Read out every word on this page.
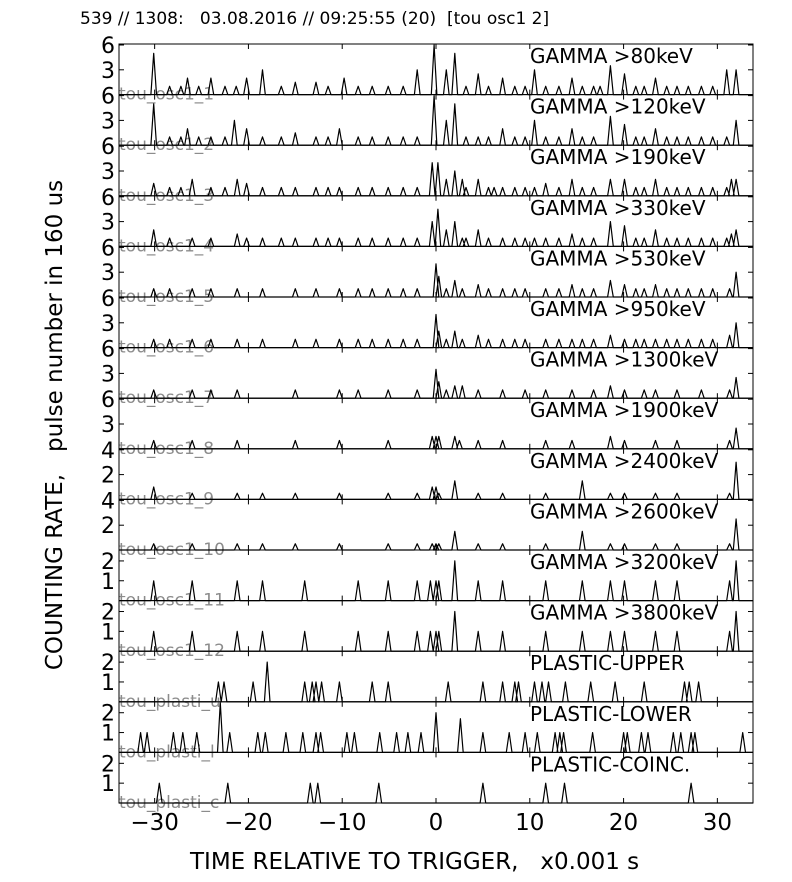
539 // 1308:   03.08.2016 // 09:25:55 (20)  [tou osc1 2]
3
6
tou_osc1_1
GAMMA >80keV
3
6
tou_osc1_2
GAMMA >120keV
3
6
tou_osc1_3
GAMMA >190keV
3
6
tou_osc1_4
GAMMA >330keV
3
6
tou_osc1_5
GAMMA >530keV
3
6
tou_osc1_6
GAMMA >950keV
3
6
tou_osc1_7
GAMMA >1300keV
3
6
tou_osc1_8
GAMMA >1900keV
2
4
tou_osc1_9
GAMMA >2400keV
2
4
tou_osc1_10
GAMMA >2600keV
1
2
tou_osc1_11
GAMMA >3200keV
1
2
tou_osc1_12
GAMMA >3800keV
1
2
tou_plasti_u
PLASTIC-UPPER
1
2
tou_plasti_l
PLASTIC-LOWER
1
2
tou_plasti_c
PLASTIC-COINC.
−30 −20 −10	0	10	20	30
COUNTING RATE,   pulse number in 160 us
TIME RELATIVE TO TRIGGER,   x0.001 s
